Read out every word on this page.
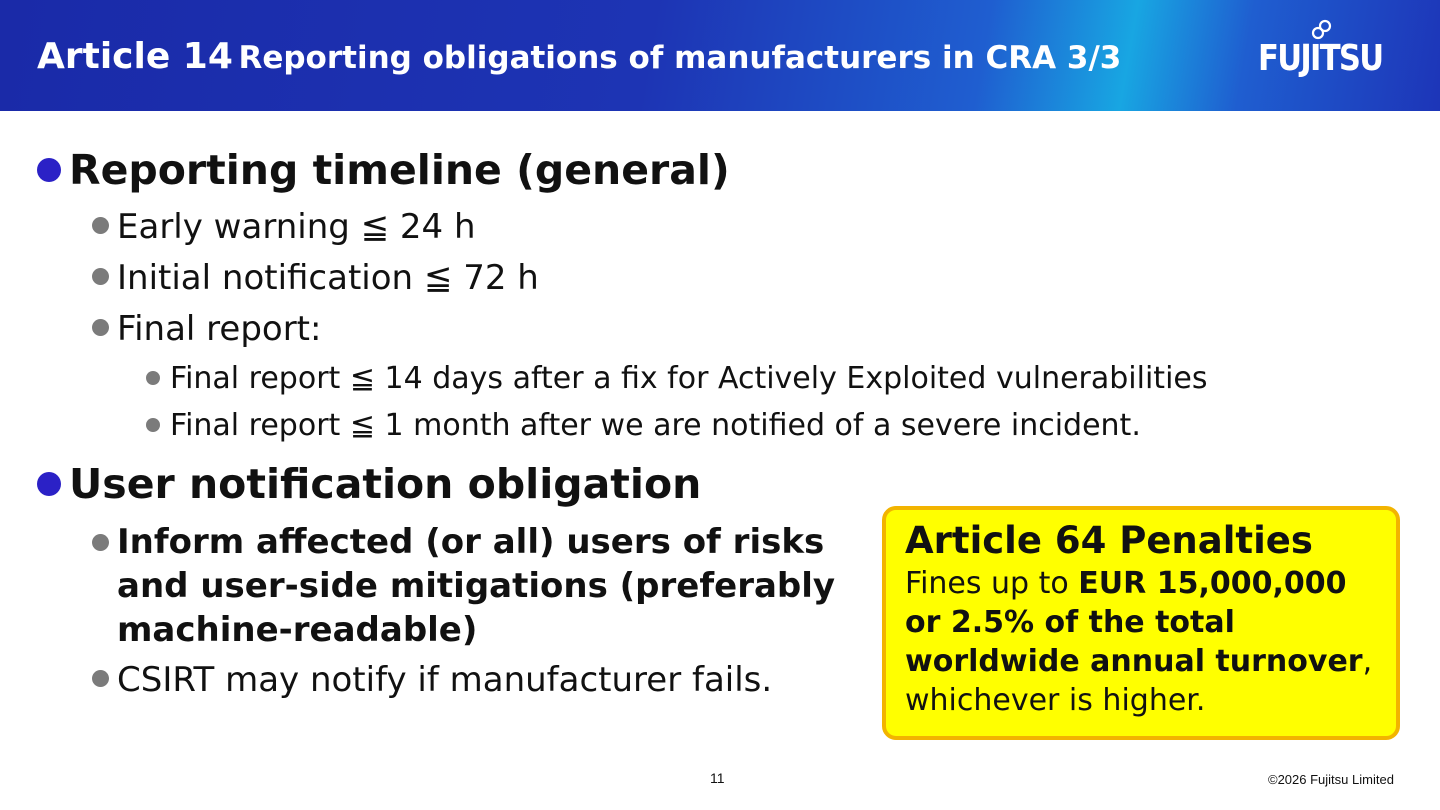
Article 14 Reporting obligations of manufacturers in CRA 3/3	FUJITSU
Reporting timeline (general)
Early warning ≦ 24 h
Initial notification ≦ 72 h
Final report:
Final report ≦ 14 days after a fix for Actively Exploited vulnerabilities
Final report ≦ 1 month after we are notified of a severe incident.
User notification obligation
Inform affected (or all) users of risks
and user-side mitigations (preferably
machine-readable)
CSIRT may notify if manufacturer fails.
Article 64 Penalties
Fines up to EUR 15,000,000
or 2.5% of the total
worldwide annual turnover,
whichever is higher.
11	©2026 Fujitsu Limited
